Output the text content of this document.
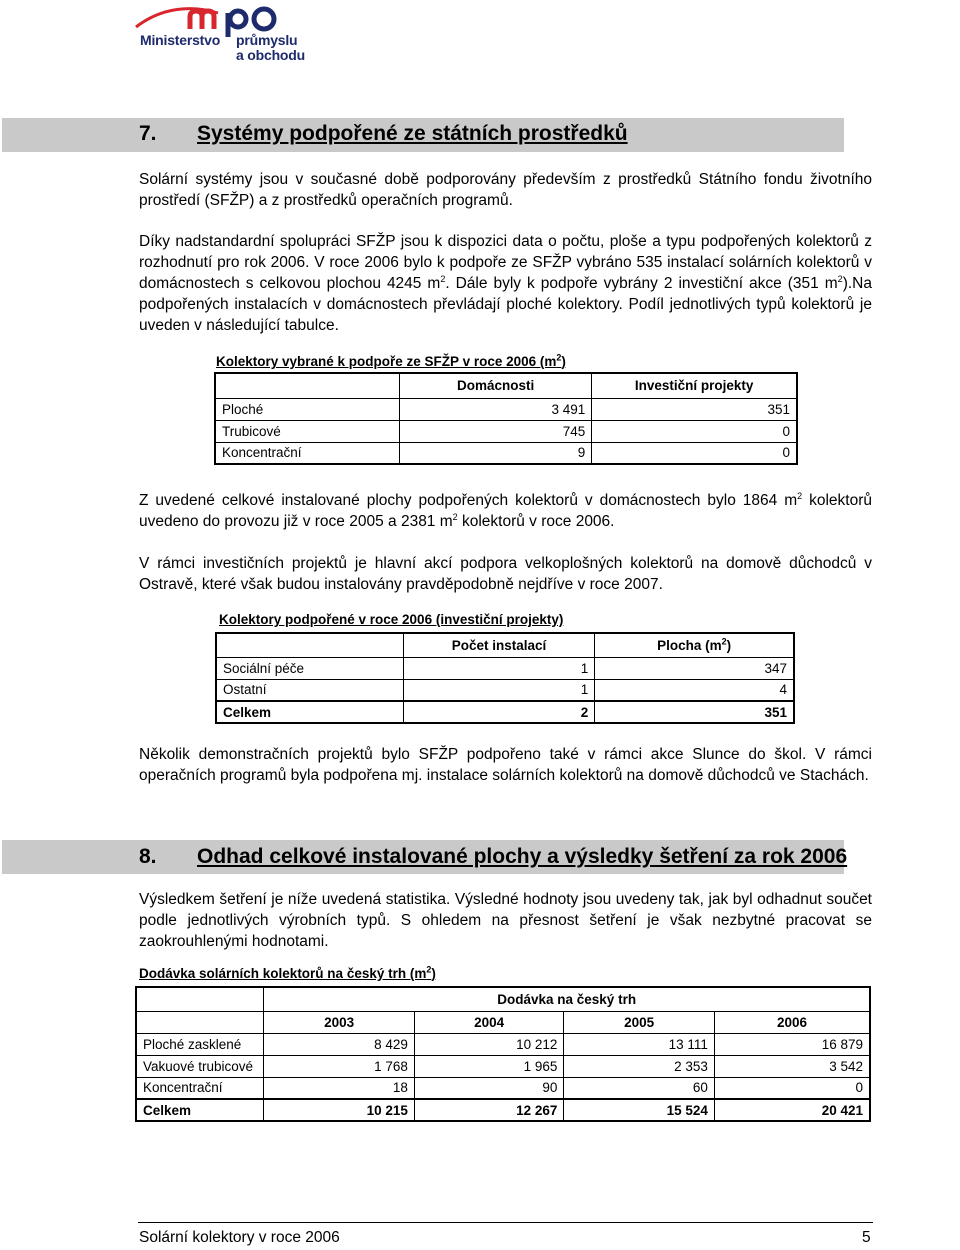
Ministerstvo průmyslu
a obchodu
7. Systémy podpořené ze státních prostředků

Solární systémy jsou v současné době podporovány především z prostředků Státního fondu životního prostředí (SFŽP) a z prostředků operačních programů.

Díky nadstandardní spolupráci SFŽP jsou k dispozici data o počtu, ploše a typu podpořených kolektorů z rozhodnutí pro rok 2006. V roce 2006 bylo k podpoře ze SFŽP vybráno 535 instalací solárních kolektorů v domácnostech s celkovou plochou 4245 $m^2$. Dále byly k podpoře vybrány 2 investiční akce (351 $m^2).Na$ podpořených instalacích v domácnostech převládají ploché kolektory. Podíl jednotlivých typů kolektorů je uveden v následující tabulce.

Kolektory vybrané k podpoře ze SFŽP v roce 2006 $(m^2)$
	Domácnosti	Investiční projekty
Ploché	3 491	351
Trubicové	745	0
Koncentrační	9	0

Z uvedené celkové instalované plochy podpořených kolektorů v domácnostech bylo 1864 $m^2$ kolektorů uvedeno do provozu již v roce 2005 a 2381 $m^2$ kolektorů v roce 2006.

V rámci investičních projektů je hlavní akcí podpora velkoplošných kolektorů na domově důchodců v Ostravě, které však budou instalovány pravděpodobně nejdříve v roce 2007.

Kolektory podpořené v roce 2006 (investiční projekty)
	Počet instalací	Plocha $(m^2)$
Sociální péče	1	347
Ostatní	1	4
Celkem	2	351

Několik demonstračních projektů bylo SFŽP podpořeno také v rámci akce Slunce do škol. V rámci operačních programů byla podpořena mj. instalace solárních kolektorů na domově důchodců ve Stachách.

8. Odhad celkové instalované plochy a výsledky šetření za rok 2006

Výsledkem šetření je níže uvedená statistika. Výsledné hodnoty jsou uvedeny tak, jak byl odhadnut součet podle jednotlivých výrobních typů. S ohledem na přesnost šetření je však nezbytné pracovat se zaokrouhlenými hodnotami.

Dodávka solárních kolektorů na český trh $(m^2)$
	Dodávka na český trh			
	2003	2004	2005	2006
Ploché zasklené	8 429	10 212	13 111	16 879
Vakuové trubicové	1 768	1 965	2 353	3 542
Koncentrační	18	90	60	0
Celkem	10 215	12 267	15 524	20 421
Solární kolektory v roce 2006	5
